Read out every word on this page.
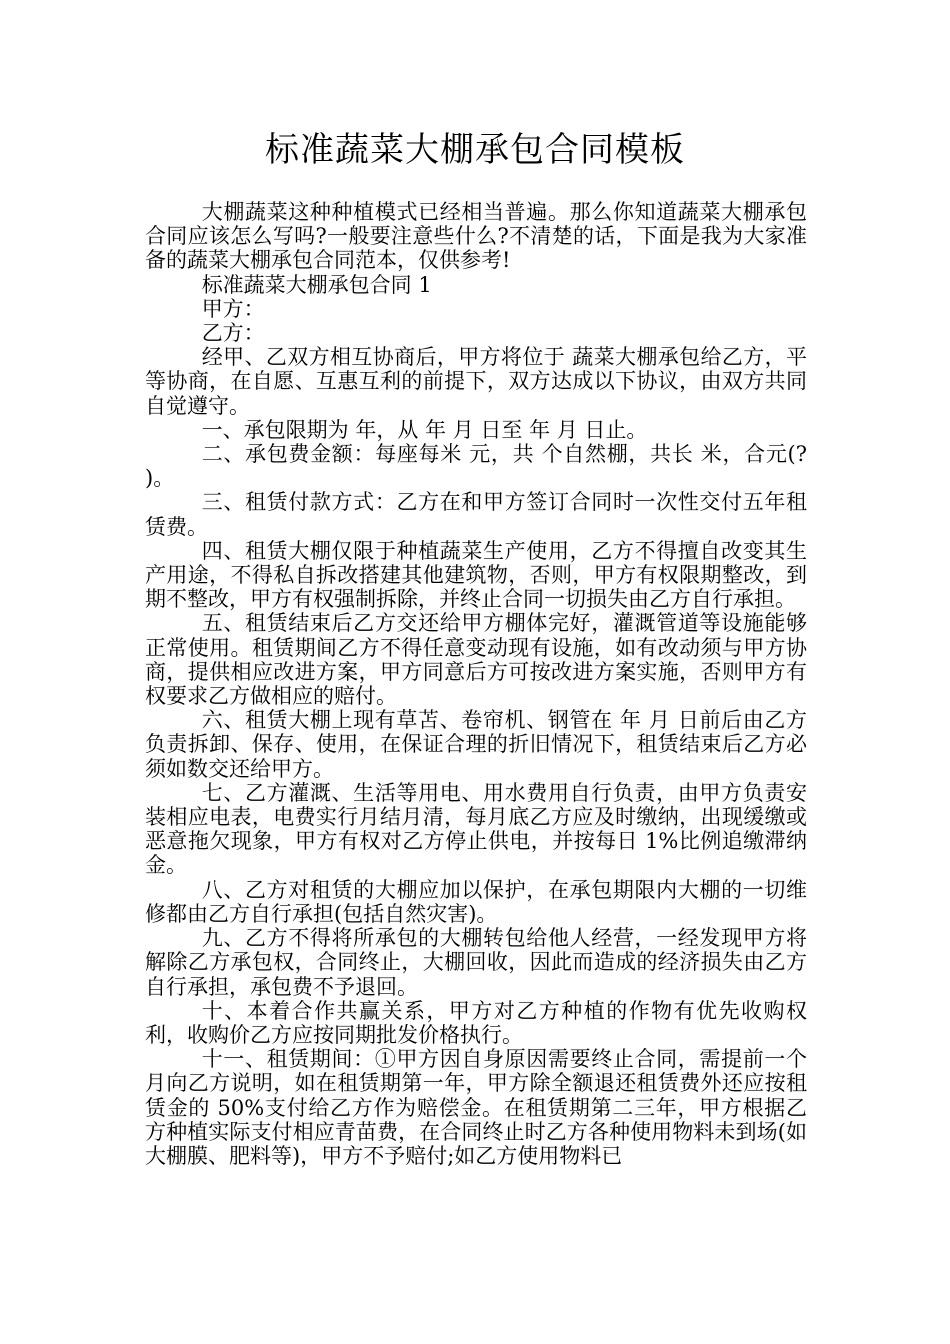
标准蔬菜大棚承包合同模板

大棚蔬菜这种种植模式已经相当普遍。那么你知道蔬菜大棚承包合同应该怎么写吗?一般要注意些什么?不清楚的话，下面是我为大家准备的蔬菜大棚承包合同范本，仅供参考!

标准蔬菜大棚承包合同 1

甲方：

乙方：

经甲、乙双方相互协商后，甲方将位于 蔬菜大棚承包给乙方，平等协商，在自愿、互惠互利的前提下，双方达成以下协议，由双方共同自觉遵守。

一、承包限期为 年，从 年 月 日至 年 月 日止。

二、承包费金额：每座每米 元，共 个自然棚，共长 米，合元(? )。

三、租赁付款方式：乙方在和甲方签订合同时一次性交付五年租赁费。

四、租赁大棚仅限于种植蔬菜生产使用，乙方不得擅自改变其生产用途，不得私自拆改搭建其他建筑物，否则，甲方有权限期整改，到期不整改，甲方有权强制拆除，并终止合同一切损失由乙方自行承担。

五、租赁结束后乙方交还给甲方棚体完好，灌溉管道等设施能够正常使用。租赁期间乙方不得任意变动现有设施，如有改动须与甲方协商，提供相应改进方案，甲方同意后方可按改进方案实施，否则甲方有权要求乙方做相应的赔付。

六、租赁大棚上现有草苫、卷帘机、钢管在 年 月 日前后由乙方负责拆卸、保存、使用，在保证合理的折旧情况下，租赁结束后乙方必须如数交还给甲方。

七、乙方灌溉、生活等用电、用水费用自行负责，由甲方负责安装相应电表，电费实行月结月清，每月底乙方应及时缴纳，出现缓缴或恶意拖欠现象，甲方有权对乙方停止供电，并按每日 1%比例追缴滞纳金。

八、乙方对租赁的大棚应加以保护，在承包期限内大棚的一切维修都由乙方自行承担(包括自然灾害)。

九、乙方不得将所承包的大棚转包给他人经营，一经发现甲方将解除乙方承包权，合同终止，大棚回收，因此而造成的经济损失由乙方自行承担，承包费不予退回。

十、本着合作共赢关系，甲方对乙方种植的作物有优先收购权利，收购价乙方应按同期批发价格执行。

十一、租赁期间：①甲方因自身原因需要终止合同，需提前一个月向乙方说明，如在租赁期第一年，甲方除全额退还租赁费外还应按租赁金的 50%支付给乙方作为赔偿金。在租赁期第二三年，甲方根据乙方种植实际支付相应青苗费，在合同终止时乙方各种使用物料未到场(如大棚膜、肥料等)，甲方不予赔付;如乙方使用物料已
